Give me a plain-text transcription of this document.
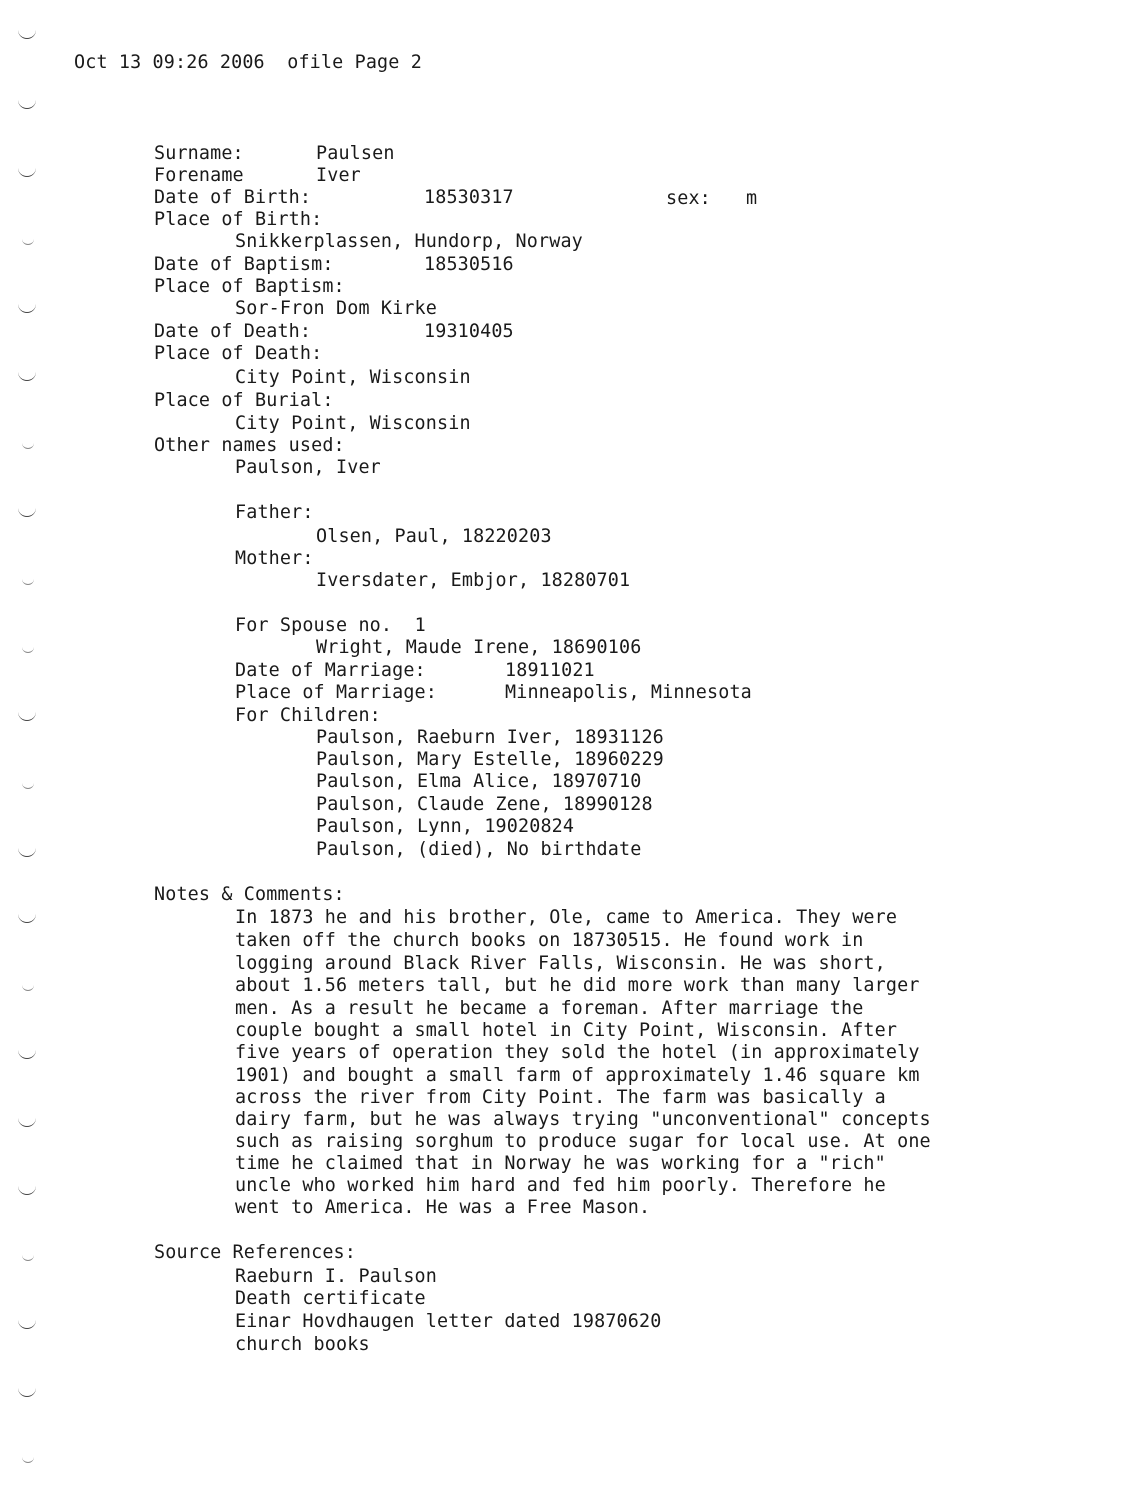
Oct 13 09:26 2006 ofile Page 2
Surname:	Paulsen
Forename	Iver
Date of Birth:	18530317	sex: m
Place of Birth:
Snikkerplassen, Hundorp, Norway
Date of Baptism:	18530516
Place of Baptism:
Sor-Fron Dom Kirke
Date of Death:	19310405
Place of Death:
City Point, Wisconsin
Place of Burial:
City Point, Wisconsin
Other names used:
Paulson, Iver
Father:
Olsen, Paul, 18220203
Mother:
Iversdater, Embjor, 18280701
For Spouse no. 1
Wright, Maude Irene, 18690106
Date of Marriage:	18911021
Place of Marriage:	Minneapolis, Minnesota
For Children:
Paulson, Raeburn Iver, 18931126
Paulson, Mary Estelle, 18960229
Paulson, Elma Alice, 18970710
Paulson, Claude Zene, 18990128
Paulson, Lynn, 19020824
Paulson, (died), No birthdate
Notes & Comments:
In 1873 he and his brother, Ole, came to America. They were
taken off the church books on 18730515. He found work in
logging around Black River Falls, Wisconsin. He was short,
about 1.56 meters tall, but he did more work than many larger
men. As a result he became a foreman. After marriage the
couple bought a small hotel in City Point, Wisconsin. After
five years of operation they sold the hotel (in approximately
1901) and bought a small farm of approximately 1.46 square km
across the river from City Point. The farm was basically a
dairy farm, but he was always trying "unconventional" concepts
such as raising sorghum to produce sugar for local use. At one
time he claimed that in Norway he was working for a "rich"
uncle who worked him hard and fed him poorly. Therefore he
went to America. He was a Free Mason.
Source References:
Raeburn I. Paulson
Death certificate
Einar Hovdhaugen letter dated 19870620
church books
